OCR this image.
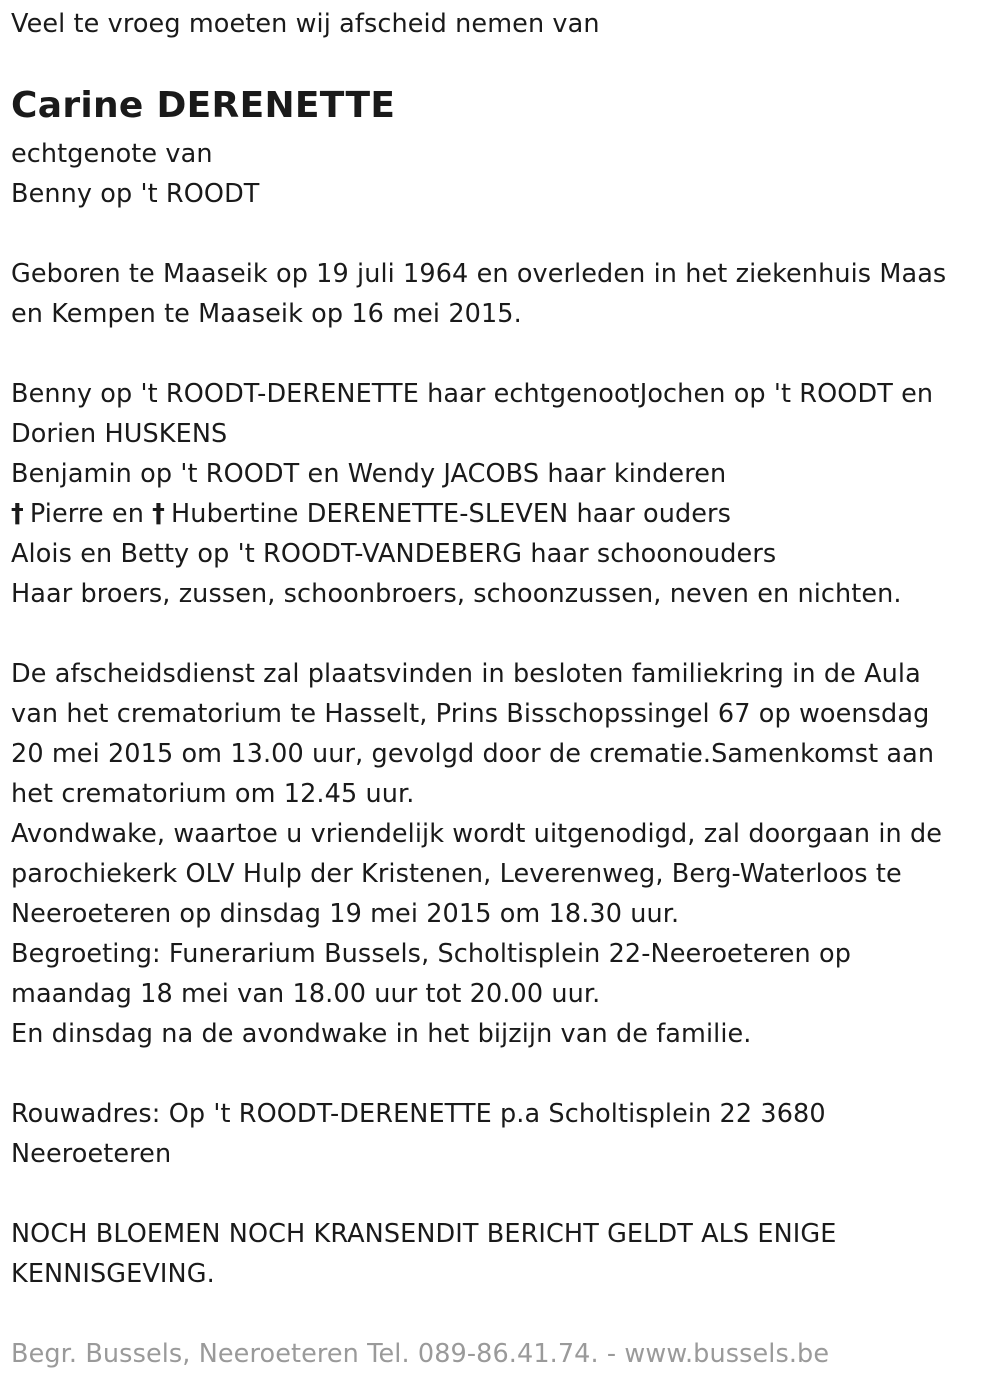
Veel te vroeg moeten wij afscheid nemen van
Carine DERENETTE
echtgenote van
Benny op 't ROODT
Geboren te Maaseik op 19 juli 1964 en overleden in het ziekenhuis Maas
en Kempen te Maaseik op 16 mei 2015.
Benny op 't ROODT-DERENETTE haar echtgenootJochen op 't ROODT en
Dorien HUSKENS
Benjamin op 't ROODT en Wendy JACOBS haar kinderen
† Pierre en † Hubertine DERENETTE-SLEVEN haar ouders
Alois en Betty op 't ROODT-VANDEBERG haar schoonouders
Haar broers, zussen, schoonbroers, schoonzussen, neven en nichten.
De afscheidsdienst zal plaatsvinden in besloten familiekring in de Aula
van het crematorium te Hasselt, Prins Bisschopssingel 67 op woensdag
20 mei 2015 om 13.00 uur, gevolgd door de crematie.Samenkomst aan
het crematorium om 12.45 uur.
Avondwake, waartoe u vriendelijk wordt uitgenodigd, zal doorgaan in de
parochiekerk OLV Hulp der Kristenen, Leverenweg, Berg-Waterloos te
Neeroeteren op dinsdag 19 mei 2015 om 18.30 uur.
Begroeting: Funerarium Bussels, Scholtisplein 22-Neeroeteren op
maandag 18 mei van 18.00 uur tot 20.00 uur.
En dinsdag na de avondwake in het bijzijn van de familie.
Rouwadres: Op 't ROODT-DERENETTE p.a Scholtisplein 22 3680
Neeroeteren
NOCH BLOEMEN NOCH KRANSENDIT BERICHT GELDT ALS ENIGE
KENNISGEVING.
Begr. Bussels, Neeroeteren Tel. 089-86.41.74. - www.bussels.be
